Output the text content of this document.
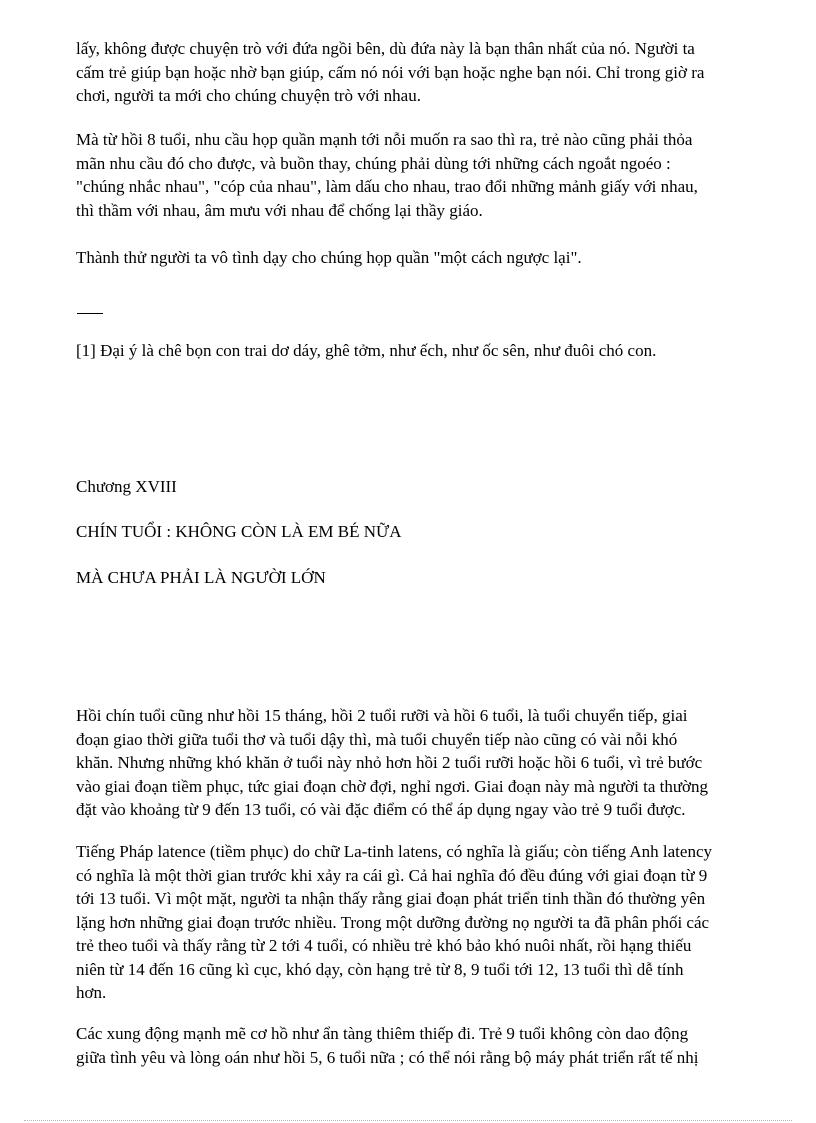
lấy, không được chuyện trò với đứa ngồi bên, dù đứa này là bạn thân nhất của nó. Người ta
cấm trẻ giúp bạn hoặc nhờ bạn giúp, cấm nó nói với bạn hoặc nghe bạn nói. Chỉ trong giờ ra
chơi, người ta mới cho chúng chuyện trò với nhau.

Mà từ hồi 8 tuổi, nhu cầu họp quần mạnh tới nỗi muốn ra sao thì ra, trẻ nào cũng phải thỏa
mãn nhu cầu đó cho được, và buồn thay, chúng phải dùng tới những cách ngoắt ngoéo :
"chúng nhắc nhau", "cóp của nhau", làm dấu cho nhau, trao đổi những mảnh giấy với nhau,
thì thầm với nhau, âm mưu với nhau để chống lại thầy giáo.

Thành thử người ta vô tình dạy cho chúng họp quần "một cách ngược lại".

[1] Đại ý là chê bọn con trai dơ dáy, ghê tởm, như ếch, như ốc sên, như đuôi chó con.

Chương XVIII

CHÍN TUỔI : KHÔNG CÒN LÀ EM BÉ NỮA

MÀ CHƯA PHẢI LÀ NGƯỜI LỚN

Hồi chín tuổi cũng như hồi 15 tháng, hồi 2 tuổi rưỡi và hồi 6 tuổi, là tuổi chuyển tiếp, giai
đoạn giao thời giữa tuổi thơ và tuổi dậy thì, mà tuổi chuyển tiếp nào cũng có vài nỗi khó
khăn. Nhưng những khó khăn ở tuổi này nhỏ hơn hồi 2 tuổi rưỡi hoặc hồi 6 tuổi, vì trẻ bước
vào giai đoạn tiềm phục, tức giai đoạn chờ đợi, nghỉ ngơi. Giai đoạn này mà người ta thường
đặt vào khoảng từ 9 đến 13 tuổi, có vài đặc điểm có thể áp dụng ngay vào trẻ 9 tuổi được.

Tiếng Pháp latence (tiềm phục) do chữ La-tinh latens, có nghĩa là giấu; còn tiếng Anh latency
có nghĩa là một thời gian trước khi xảy ra cái gì. Cả hai nghĩa đó đều đúng với giai đoạn từ 9
tới 13 tuổi. Vì một mặt, người ta nhận thấy rằng giai đoạn phát triển tinh thần đó thường yên
lặng hơn những giai đoạn trước nhiều. Trong một dưỡng đường nọ người ta đã phân phối các
trẻ theo tuổi và thấy rằng từ 2 tới 4 tuổi, có nhiều trẻ khó bảo khó nuôi nhất, rồi hạng thiếu
niên từ 14 đến 16 cũng kì cục, khó dạy, còn hạng trẻ từ 8, 9 tuổi tới 12, 13 tuổi thì dễ tính
hơn.

Các xung động mạnh mẽ cơ hồ như ẩn tàng thiêm thiếp đi. Trẻ 9 tuổi không còn dao động
giữa tình yêu và lòng oán như hồi 5, 6 tuổi nữa ; có thể nói rằng bộ máy phát triển rất tế nhị
